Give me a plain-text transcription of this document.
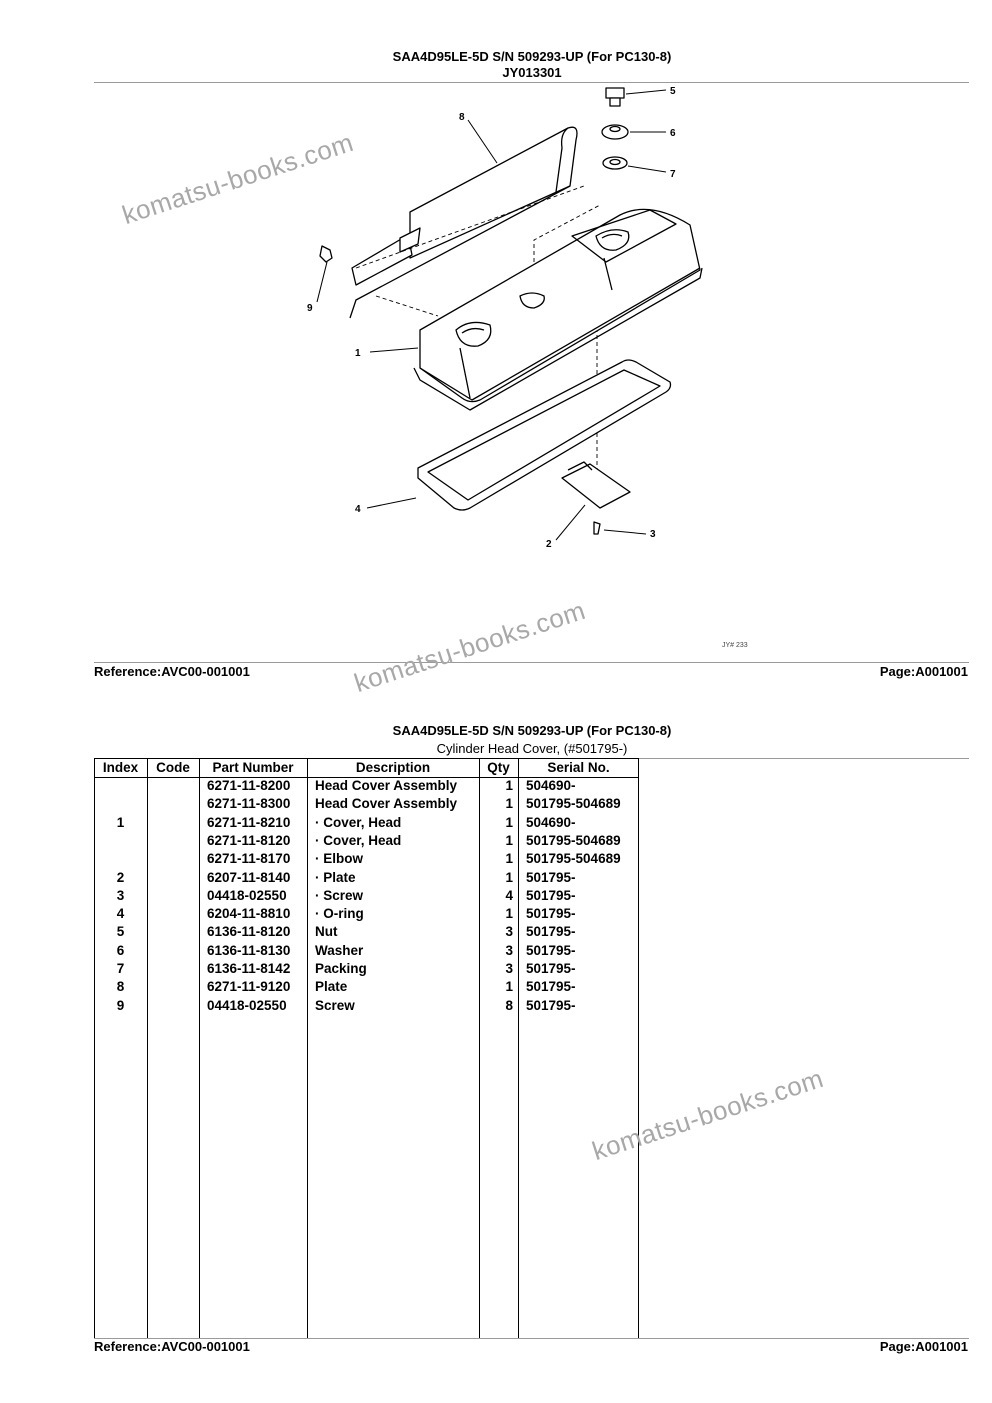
SAA4D95LE-5D S/N 509293-UP (For PC130-8)
JY013301
1
2
3
4
5
6
7
8
9
JY# 233
Reference:AVC00-001001	Page:A001001
SAA4D95LE-5D S/N 509293-UP (For PC130-8)
Cylinder Head Cover, (#501795-)
Index	Code	Part Number	Description	Qty	Serial No.
6271-11-8200 Head Cover Assembly	1 504690-
6271-11-8300 Head Cover Assembly	1 501795-504689
1	6271-11-8210 · Cover, Head	1 504690-
6271-11-8120 · Cover, Head	1 501795-504689
6271-11-8170 · Elbow	1 501795-504689
2	6207-11-8140 · Plate	1 501795-
3	04418-02550 · Screw	4 501795-
4	6204-11-8810 · O-ring	1 501795-
5	6136-11-8120 Nut	3 501795-
6	6136-11-8130 Washer	3 501795-
7	6136-11-8142 Packing	3 501795-
8	6271-11-9120 Plate	1 501795-
9	04418-02550 Screw	8 501795-
Reference:AVC00-001001	Page:A001001
komatsu-books.com
komatsu-books.com
komatsu-books.com
